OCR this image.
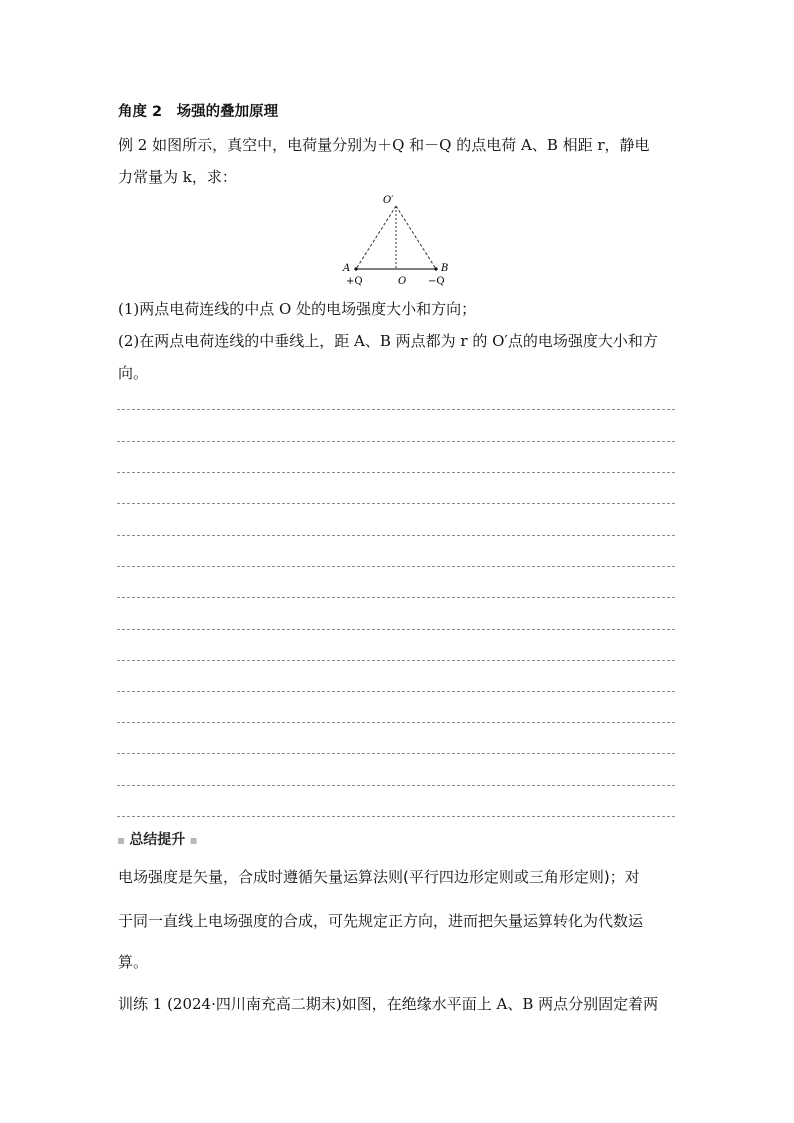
角度 2　场强的叠加原理
例 2 如图所示，真空中，电荷量分别为＋Q 和－Q 的点电荷 A、B 相距 r，静电
力常量为 k，求：
O′
A	B
+Q	O −Q
(1)两点电荷连线的中点 O 处的电场强度大小和方向；
(2)在两点电荷连线的中垂线上，距 A、B 两点都为 r 的 O′点的电场强度大小和方
向。
▪ 总结提升 ▪
电场强度是矢量，合成时遵循矢量运算法则(平行四边形定则或三角形定则)；对
于同一直线上电场强度的合成，可先规定正方向，进而把矢量运算转化为代数运
算。
训练 1 (2024·四川南充高二期末)如图，在绝缘水平面上 A、B 两点分别固定着两
